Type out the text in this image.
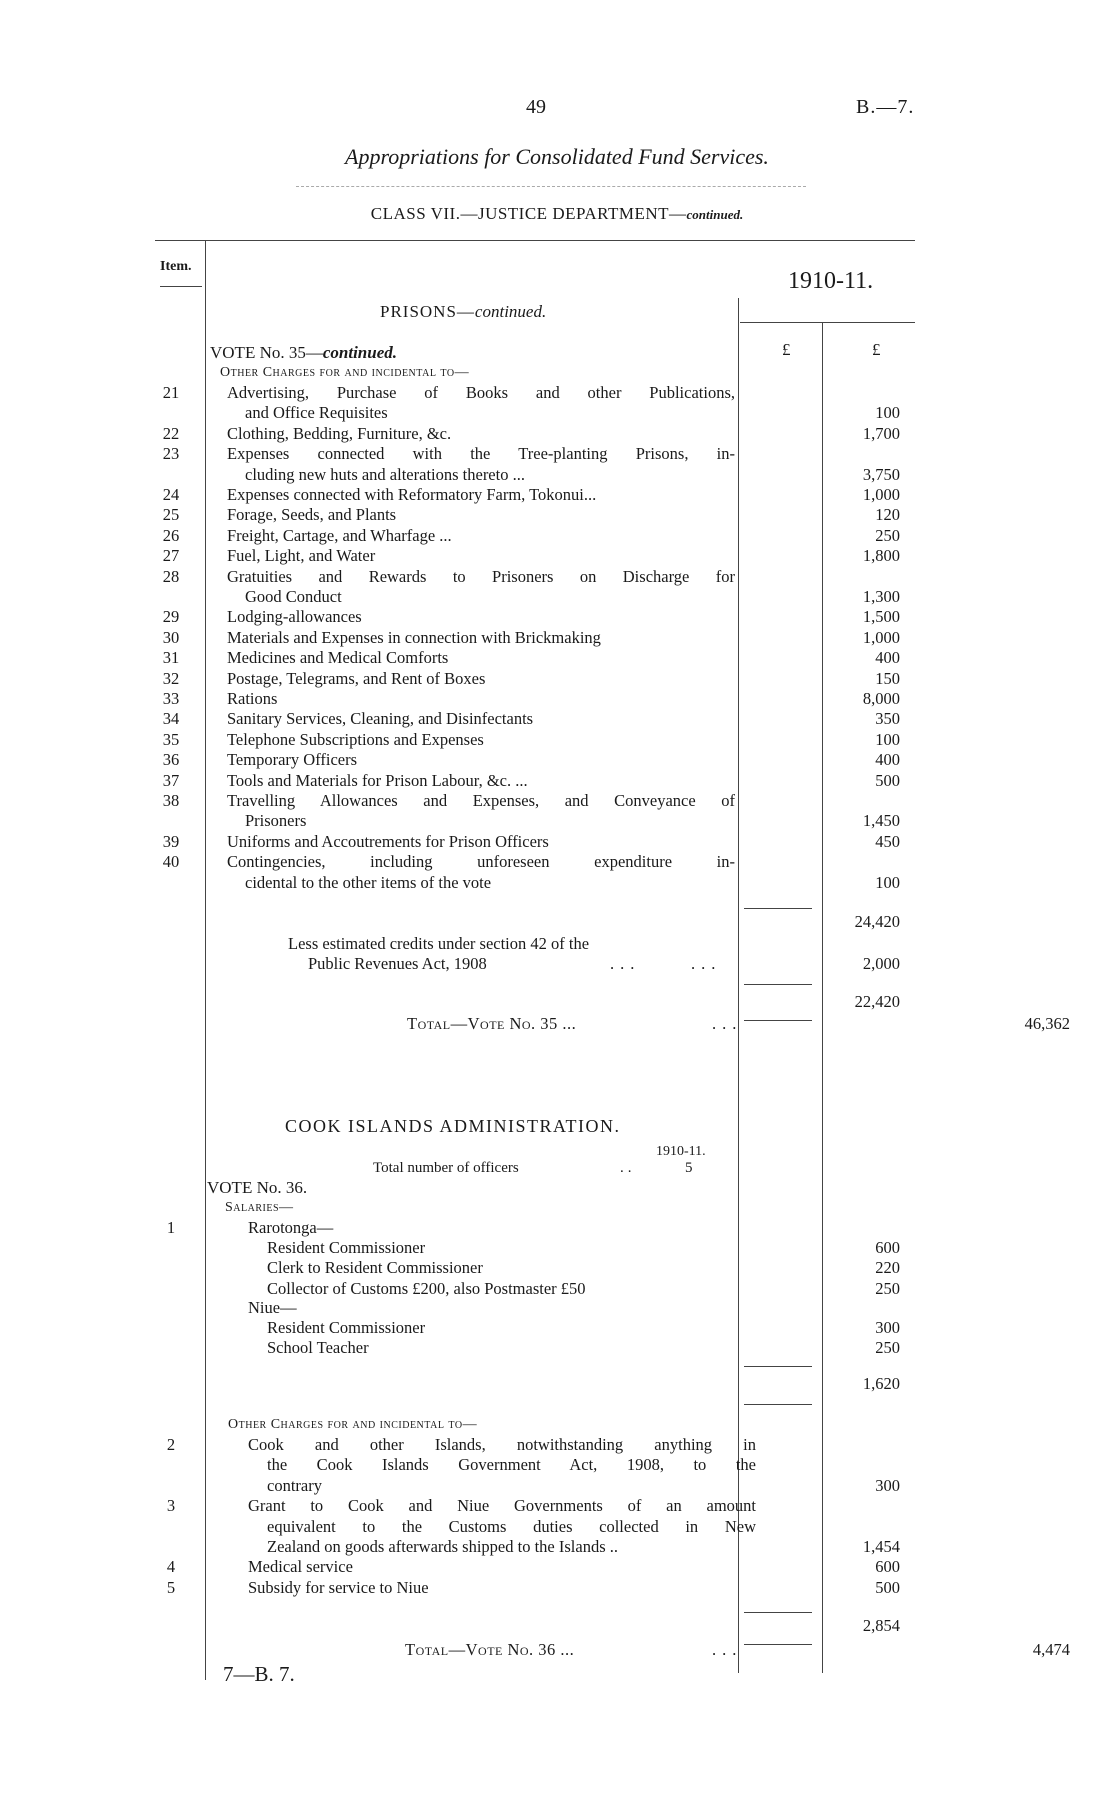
49	B.—7.
Appropriations for Consolidated Fund Services.
CLASS VII.—JUSTICE DEPARTMENT—continued.
Item.
1910-11.
PRISONS—continued.
£	£
VOTE No. 35—continued.
Other Charges for and incidental to—
21	Advertising, Purchase of Books and other Publications,
and Office Requisites	100
22	Clothing, Bedding, Furniture, &c.	1,700
23	Expenses connected with the Tree-planting Prisons, in-
cluding new huts and alterations thereto ...	3,750
24	Expenses connected with Reformatory Farm, Tokonui...	1,000
25	Forage, Seeds, and Plants	120
26	Freight, Cartage, and Wharfage ...	250
27	Fuel, Light, and Water	1,800
28	Gratuities and Rewards to Prisoners on Discharge for
Good Conduct	1,300
29	Lodging-allowances	1,500
30	Materials and Expenses in connection with Brickmaking	1,000
31	Medicines and Medical Comforts	400
32	Postage, Telegrams, and Rent of Boxes	150
33	Rations	8,000
34	Sanitary Services, Cleaning, and Disinfectants	350
35	Telephone Subscriptions and Expenses	100
36	Temporary Officers	400
37	Tools and Materials for Prison Labour, &c. ...	500
38	Travelling Allowances and Expenses, and Conveyance of
Prisoners	1,450
39	Uniforms and Accoutrements for Prison Officers	450
40	Contingencies, including unforeseen expenditure in-
cidental to the other items of the vote	100
24,420
Less estimated credits under section 42 of the
Public Revenues Act, 1908	...     ...	2,000
22,420
Total—Vote No. 35 ...	...	46,362
COOK ISLANDS ADMINISTRATION.
1910-11.
Total number of officers	..	5
VOTE No. 36.
Salaries—
1	Rarotonga—
Resident Commissioner	600
Clerk to Resident Commissioner	220
Collector of Customs £200, also Postmaster £50	250
Niue—
Resident Commissioner	300
School Teacher	250
1,620
Other Charges for and incidental to—
2	Cook and other Islands, notwithstanding anything in
the Cook Islands Government Act, 1908, to the
contrary	300
3	Grant to Cook and Niue Governments of an amount
equivalent to the Customs duties collected in New
Zealand on goods afterwards shipped to the Islands ..	1,454
4	Medical service	600
5	Subsidy for service to Niue	500
2,854
Total—Vote No. 36 ...	...	4,474
7—B. 7.
